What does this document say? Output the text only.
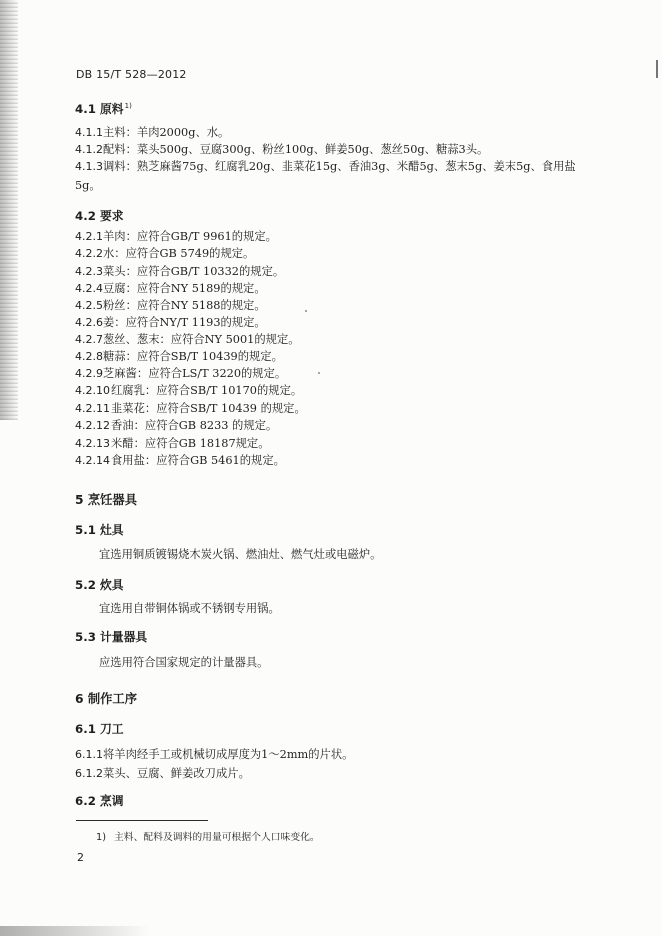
DB 15/T 528—2012
4.1 原料$^{1)}$
4.1.1主料：羊肉2000g、水。
4.1.2配料：菜头500g、豆腐300g、粉丝100g、鲜姜50g、葱丝50g、糖蒜3头。
4.1.3调料：熟芝麻酱75g、红腐乳20g、韭菜花15g、香油3g、米醋5g、葱末5g、姜末5g、食用盐
5g。
4.2 要求
4.2.1羊肉：应符合GB/T 9961的规定。
4.2.2水：应符合GB 5749的规定。
4.2.3菜头：应符合GB/T 10332的规定。
4.2.4豆腐：应符合NY 5189的规定。
4.2.5粉丝：应符合NY 5188的规定。
4.2.6姜：应符合NY/T 1193的规定。
4.2.7葱丝、葱末：应符合NY 5001的规定。
4.2.8糖蒜：应符合SB/T 10439的规定。
4.2.9芝麻酱：应符合LS/T 3220的规定。
4.2.10红腐乳：应符合SB/T 10170的规定。
4.2.11韭菜花：应符合SB/T 10439 的规定。
4.2.12香油：应符合GB 8233 的规定。
4.2.13米醋：应符合GB 18187规定。
4.2.14食用盐：应符合GB 5461的规定。
5 烹饪器具
5.1 灶具
宜选用铜质镀锡烧木炭火锅、燃油灶、燃气灶或电磁炉。
5.2 炊具
宜选用自带铜体锅或不锈钢专用锅。
5.3 计量器具
应选用符合国家规定的计量器具。
6 制作工序
6.1 刀工
6.1.1将羊肉经手工或机械切成厚度为1～2mm的片状。
6.1.2菜头、豆腐、鲜姜改刀成片。
6.2 烹调
1) 主料、配料及调料的用量可根据个人口味变化。
2
